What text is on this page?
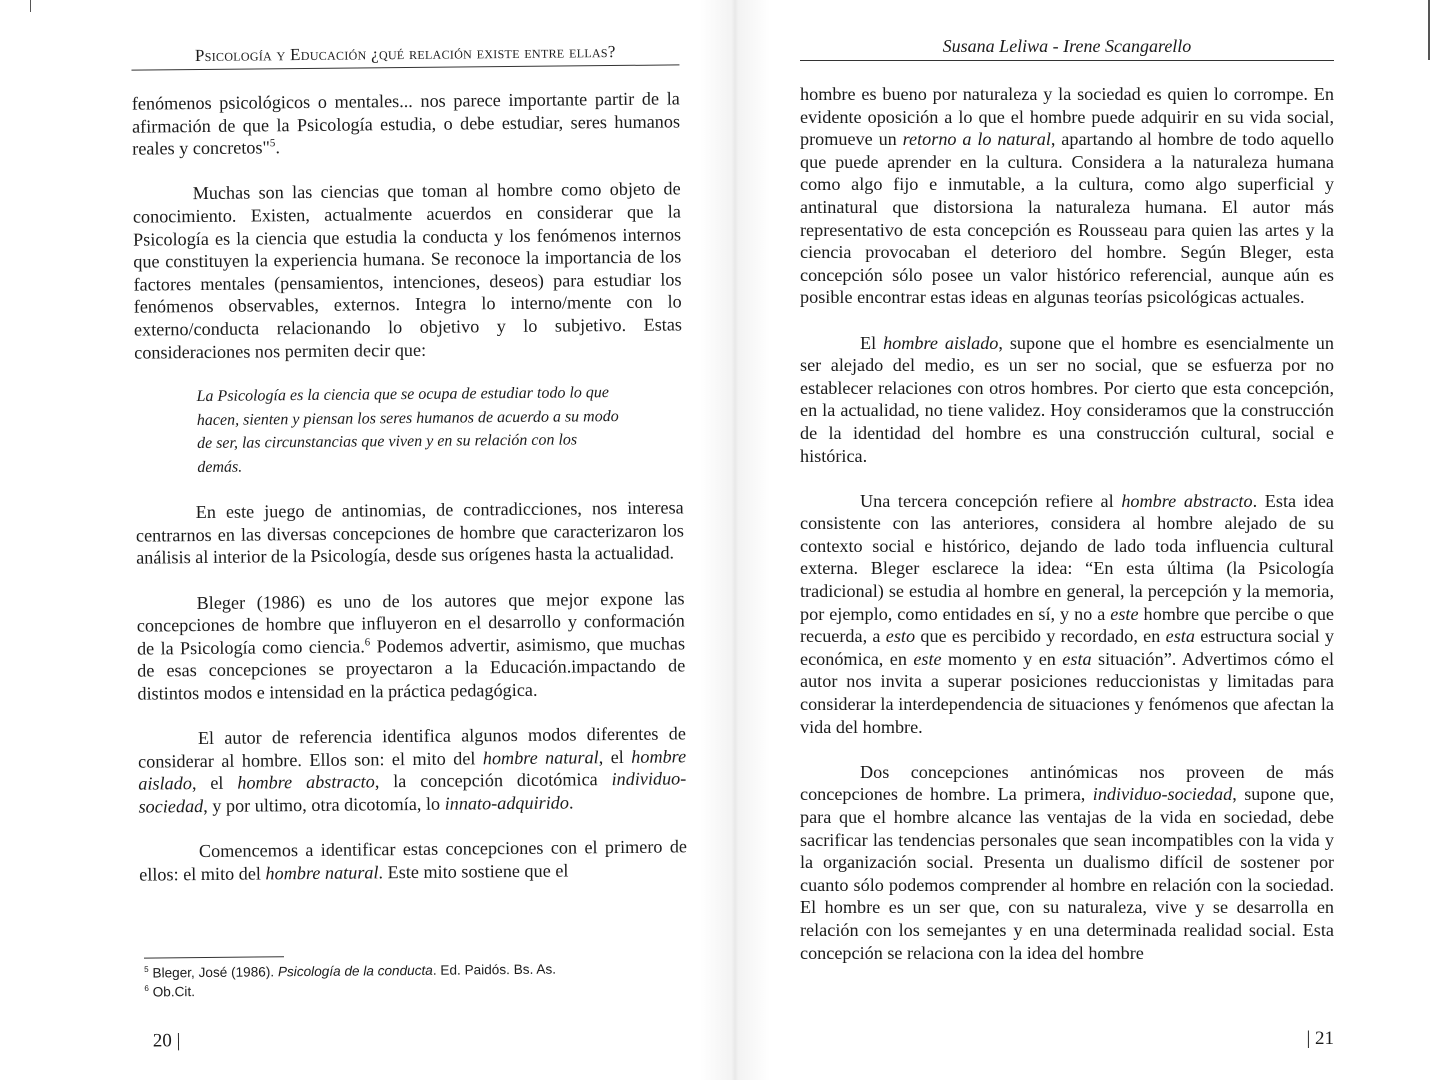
Psicología y Educación ¿qué relación existe entre ellas?

fenómenos psicológicos o mentales... nos parece importante partir de la afirmación de que la Psicología estudia, o debe estudiar, seres humanos reales y concretos"$^5$.

Muchas son las ciencias que toman al hombre como objeto de conocimiento. Existen, actualmente acuerdos en considerar que la Psicología es la ciencia que estudia la conducta y los fenómenos internos que constituyen la experiencia humana. Se reconoce la importancia de los factores mentales (pensamientos, intenciones, deseos) para estudiar los fenómenos observables, externos. Integra lo interno/mente con lo externo/conducta relacionando lo objetivo y lo subjetivo. Estas consideraciones nos permiten decir que:

La Psicología es la ciencia que se ocupa de estudiar todo lo que hacen, sienten y piensan los seres humanos de acuerdo a su modo de ser, las circunstancias que viven y en su relación con los demás.

En este juego de antinomias, de contradicciones, nos interesa centrarnos en las diversas concepciones de hombre que caracterizaron los análisis al interior de la Psicología, desde sus orígenes hasta la actualidad.

Bleger (1986) es uno de los autores que mejor expone las concepciones de hombre que influyeron en el desarrollo y conformación de la Psicología como ciencia.$^6$ Podemos advertir, asimismo, que muchas de esas concepciones se proyectaron a la Educación.impactando de distintos modos e intensidad en la práctica pedagógica.

El autor de referencia identifica algunos modos diferentes de considerar al hombre. Ellos son: el mito del hombre natural, el hombre aislado, el hombre abstracto, la concepción dicotómica individuo-sociedad, y por ultimo, otra dicotomía, lo innato-adquirido.

Comencemos a identificar estas concepciones con el primero de ellos: el mito del hombre natural. Este mito sostiene que el

$^5$ Bleger, José (1986). Psicología de la conducta. Ed. Paidós. Bs. As.
$^6$ Ob.Cit.
20 |
Susana Leliwa - Irene Scangarello

hombre es bueno por naturaleza y la sociedad es quien lo corrompe. En evidente oposición a lo que el hombre puede adquirir en su vida social, promueve un retorno a lo natural, apartando al hombre de todo aquello que puede aprender en la cultura. Considera a la naturaleza humana como algo fijo e inmutable, a la cultura, como algo superficial y antinatural que distorsiona la naturaleza humana. El autor más representativo de esta concepción es Rousseau para quien las artes y la ciencia provocaban el deterioro del hombre. Según Bleger, esta concepción sólo posee un valor histórico referencial, aunque aún es posible encontrar estas ideas en algunas teorías psicológicas actuales.

El hombre aislado, supone que el hombre es esencialmente un ser alejado del medio, es un ser no social, que se esfuerza por no establecer relaciones con otros hombres. Por cierto que esta concepción, en la actualidad, no tiene validez. Hoy consideramos que la construcción de la identidad del hombre es una construcción cultural, social e histórica.

Una tercera concepción refiere al hombre abstracto. Esta idea consistente con las anteriores, considera al hombre alejado de su contexto social e histórico, dejando de lado toda influencia cultural externa. Bleger esclarece la idea: “En esta última (la Psicología tradicional) se estudia al hombre en general, la percepción y la memoria, por ejemplo, como entidades en sí, y no a este hombre que percibe o que recuerda, a esto que es percibido y recordado, en esta estructura social y económica, en este momento y en esta situación”. Advertimos cómo el autor nos invita a superar posiciones reduccionistas y limitadas para considerar la interdependencia de situaciones y fenómenos que afectan la vida del hombre.

Dos concepciones antinómicas nos proveen de más concepciones de hombre. La primera, individuo-sociedad, supone que, para que el hombre alcance las ventajas de la vida en sociedad, debe sacrificar las tendencias personales que sean incompatibles con la vida y la organización social. Presenta un dualismo difícil de sostener por cuanto sólo podemos comprender al hombre en relación con la sociedad. El hombre es un ser que, con su naturaleza, vive y se desarrolla en relación con los semejantes y en una determinada realidad social. Esta concepción se relaciona con la idea del hombre

| 21
